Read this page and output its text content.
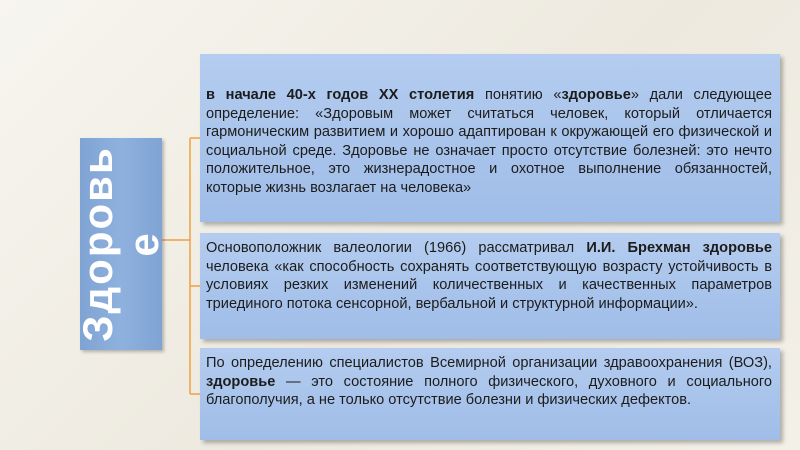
Здоровь
е

в начале 40-х годов XX столетия понятию «здоровье» дали следующее определение: «Здоровым может считаться человек, который отличается гармоническим развитием и хорошо адаптирован к окружающей его физической и социальной среде. Здоровье не означает просто отсутствие болезней: это нечто положительное, это жизнерадостное и охотное выполнение обязанностей, которые жизнь возлагает на человека»

Основоположник валеологии (1966) рассматривал И.И. Брехман здоровье человека «как способность сохранять соответствующую возрасту устойчивость в условиях резких изменений количественных и качественных параметров триединого потока сенсорной, вербальной и структурной информации».

По определению специалистов Всемирной организации здравоохранения (ВОЗ), здоровье — это состояние полного физического, духовного и социального благополучия, а не только отсутствие болезни и физических дефектов.
